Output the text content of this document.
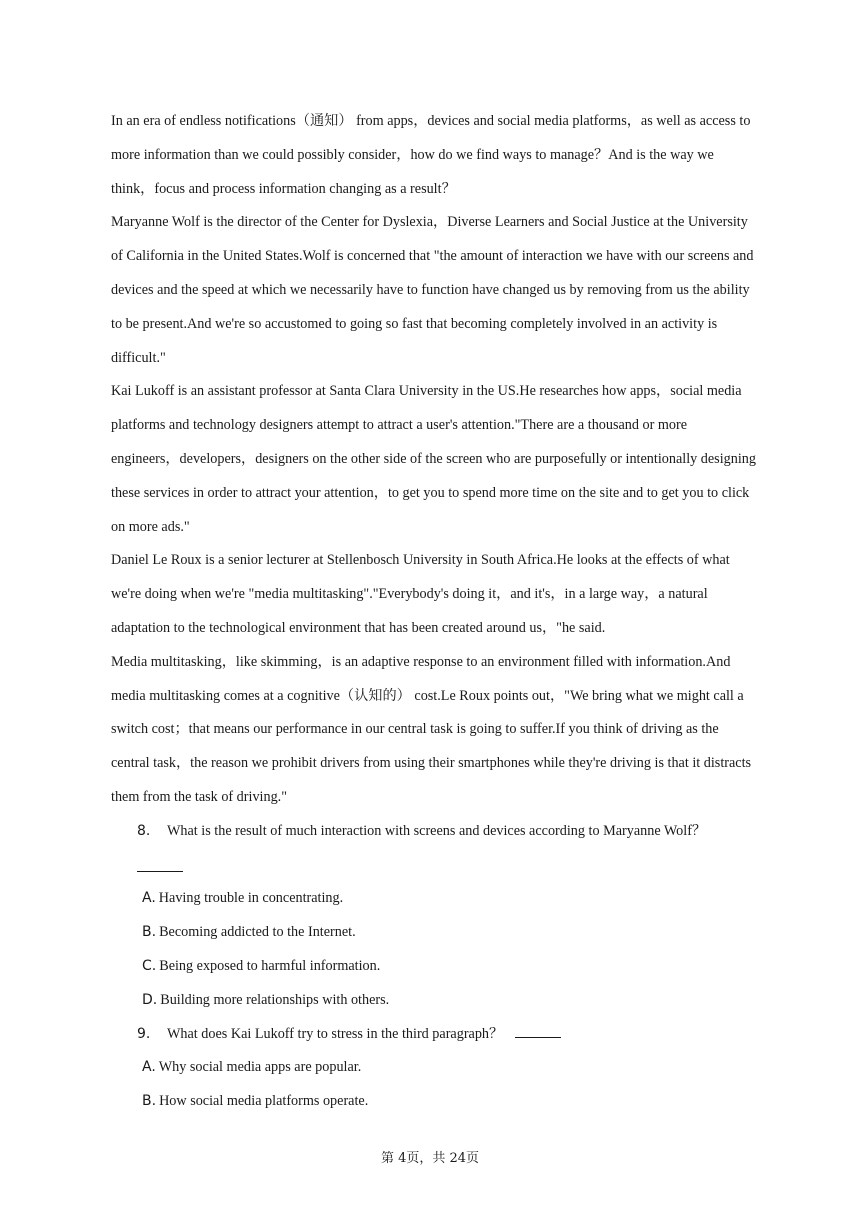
In an era of endless notifications（通知） from apps，devices and social media platforms，as well as access to more information than we could possibly consider，how do we find ways to manage？And is the way we think，focus and process information changing as a result？

Maryanne Wolf is the director of the Center for Dyslexia，Diverse Learners and Social Justice at the University of California in the United States.Wolf is concerned that "the amount of interaction we have with our screens and devices and the speed at which we necessarily have to function have changed us by removing from us the ability to be present.And we're so accustomed to going so fast that becoming completely involved in an activity is difficult."

Kai Lukoff is an assistant professor at Santa Clara University in the US.He researches how apps，social media platforms and technology designers attempt to attract a user's attention."There are a thousand or more engineers，developers，designers on the other side of the screen who are purposefully or intentionally designing these services in order to attract your attention，to get you to spend more time on the site and to get you to click on more ads."

Daniel Le Roux is a senior lecturer at Stellenbosch University in South Africa.He looks at the effects of what we're doing when we're "media multitasking"."Everybody's doing it，and it's，in a large way，a natural adaptation to the technological environment that has been created around us，"he said.

Media multitasking，like skimming，is an adaptive response to an environment filled with information.And media multitasking comes at a cognitive（认知的） cost.Le Roux points out，"We bring what we might call a switch cost；that means our performance in our central task is going to suffer.If you think of driving as the central task，the reason we prohibit drivers from using their smartphones while they're driving is that it distracts them from the task of driving."

8.	What is the result of much interaction with screens and devices according to Maryanne Wolf？

A. Having trouble in concentrating.

B. Becoming addicted to the Internet.

C. Being exposed to harmful information.

D. Building more relationships with others.

9.	What does Kai Lukoff try to stress in the third paragraph？

A. Why social media apps are popular.

B. How social media platforms operate.

第 4页，共 24页
